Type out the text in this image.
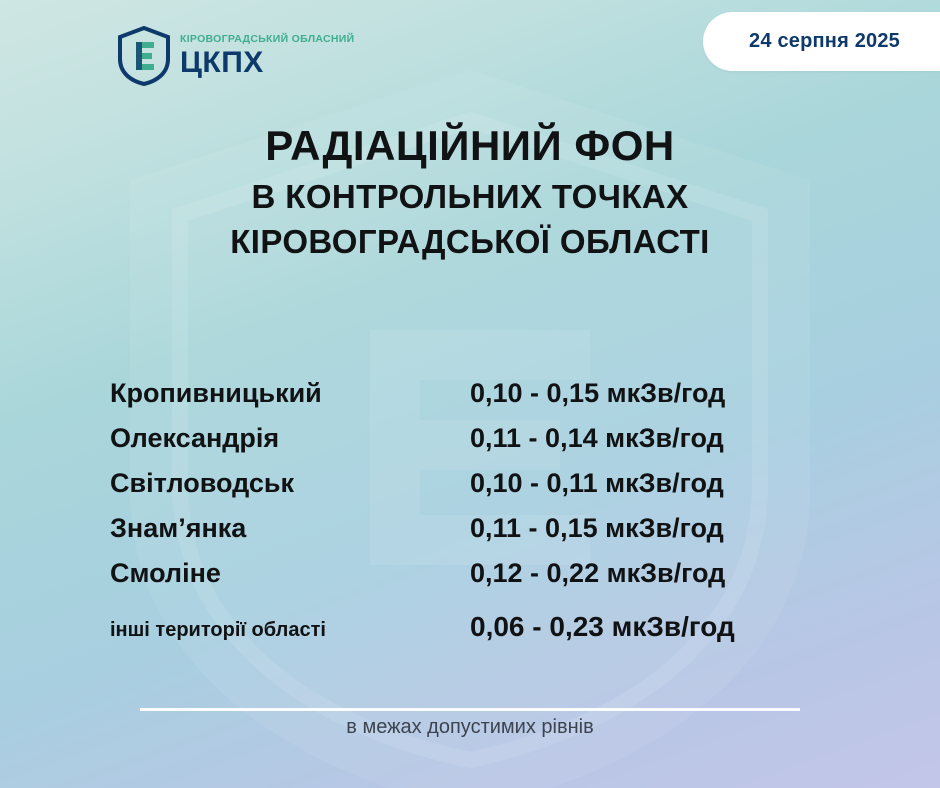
24 серпня 2025
КІРОВОГРАДСЬКИЙ ОБЛАСНИЙ
ЦКПХ
РАДІАЦІЙНИЙ ФОН
В КОНТРОЛЬНИХ ТОЧКАХ
КІРОВОГРАДСЬКОЇ ОБЛАСТІ
Кропивницький	0,10 - 0,15 мкЗв/год
Олександрія	0,11 - 0,14 мкЗв/год
Світловодськ	0,10 - 0,11 мкЗв/год
Знам’янка	0,11 - 0,15 мкЗв/год
Смоліне	0,12 - 0,22 мкЗв/год
інші території області	0,06 - 0,23 мкЗв/год
в межах допустимих рівнів
